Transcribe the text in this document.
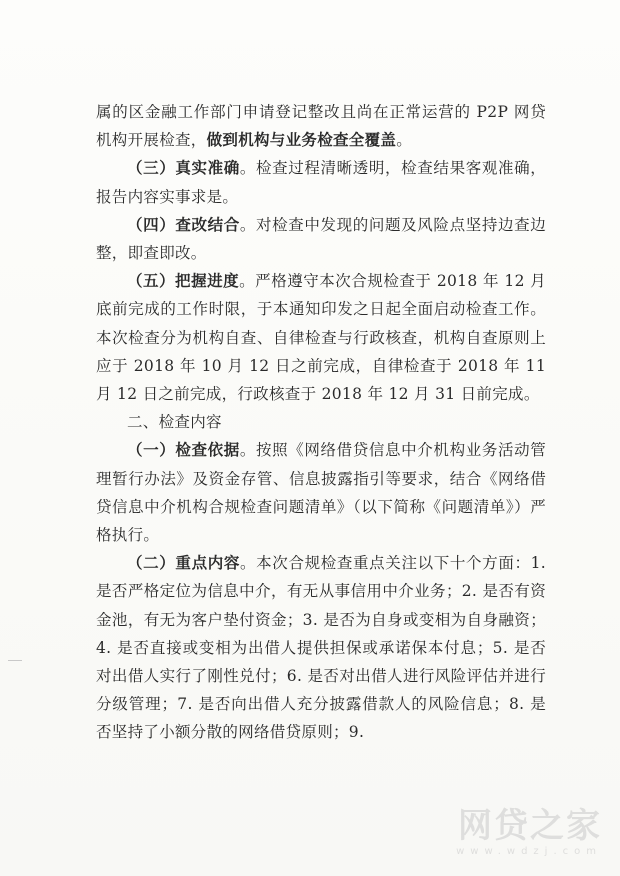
属的区金融工作部门申请登记整改且尚在正常运营的 P2P 网贷机构开展检查，做到机构与业务检查全覆盖。

（三）真实准确。检查过程清晰透明，检查结果客观准确，报告内容实事求是。

（四）查改结合。对检查中发现的问题及风险点坚持边查边整，即查即改。

（五）把握进度。严格遵守本次合规检查于 2018 年 12 月底前完成的工作时限，于本通知印发之日起全面启动检查工作。本次检查分为机构自查、自律检查与行政核查，机构自查原则上应于 2018 年 10 月 12 日之前完成，自律检查于 2018 年 11 月 12 日之前完成，行政核查于 2018 年 12 月 31 日前完成。

二、检查内容

（一）检查依据。按照《网络借贷信息中介机构业务活动管理暂行办法》及资金存管、信息披露指引等要求，结合《网络借贷信息中介机构合规检查问题清单》（以下简称《问题清单》）严格执行。

（二）重点内容。本次合规检查重点关注以下十个方面：1. 是否严格定位为信息中介，有无从事信用中介业务；2. 是否有资金池，有无为客户垫付资金；3. 是否为自身或变相为自身融资；4. 是否直接或变相为出借人提供担保或承诺保本付息；5. 是否对出借人实行了刚性兑付；6. 是否对出借人进行风险评估并进行分级管理；7. 是否向出借人充分披露借款人的风险信息；8. 是否坚持了小额分散的网络借贷原则；9.

网贷之家
www.wdzj.com
